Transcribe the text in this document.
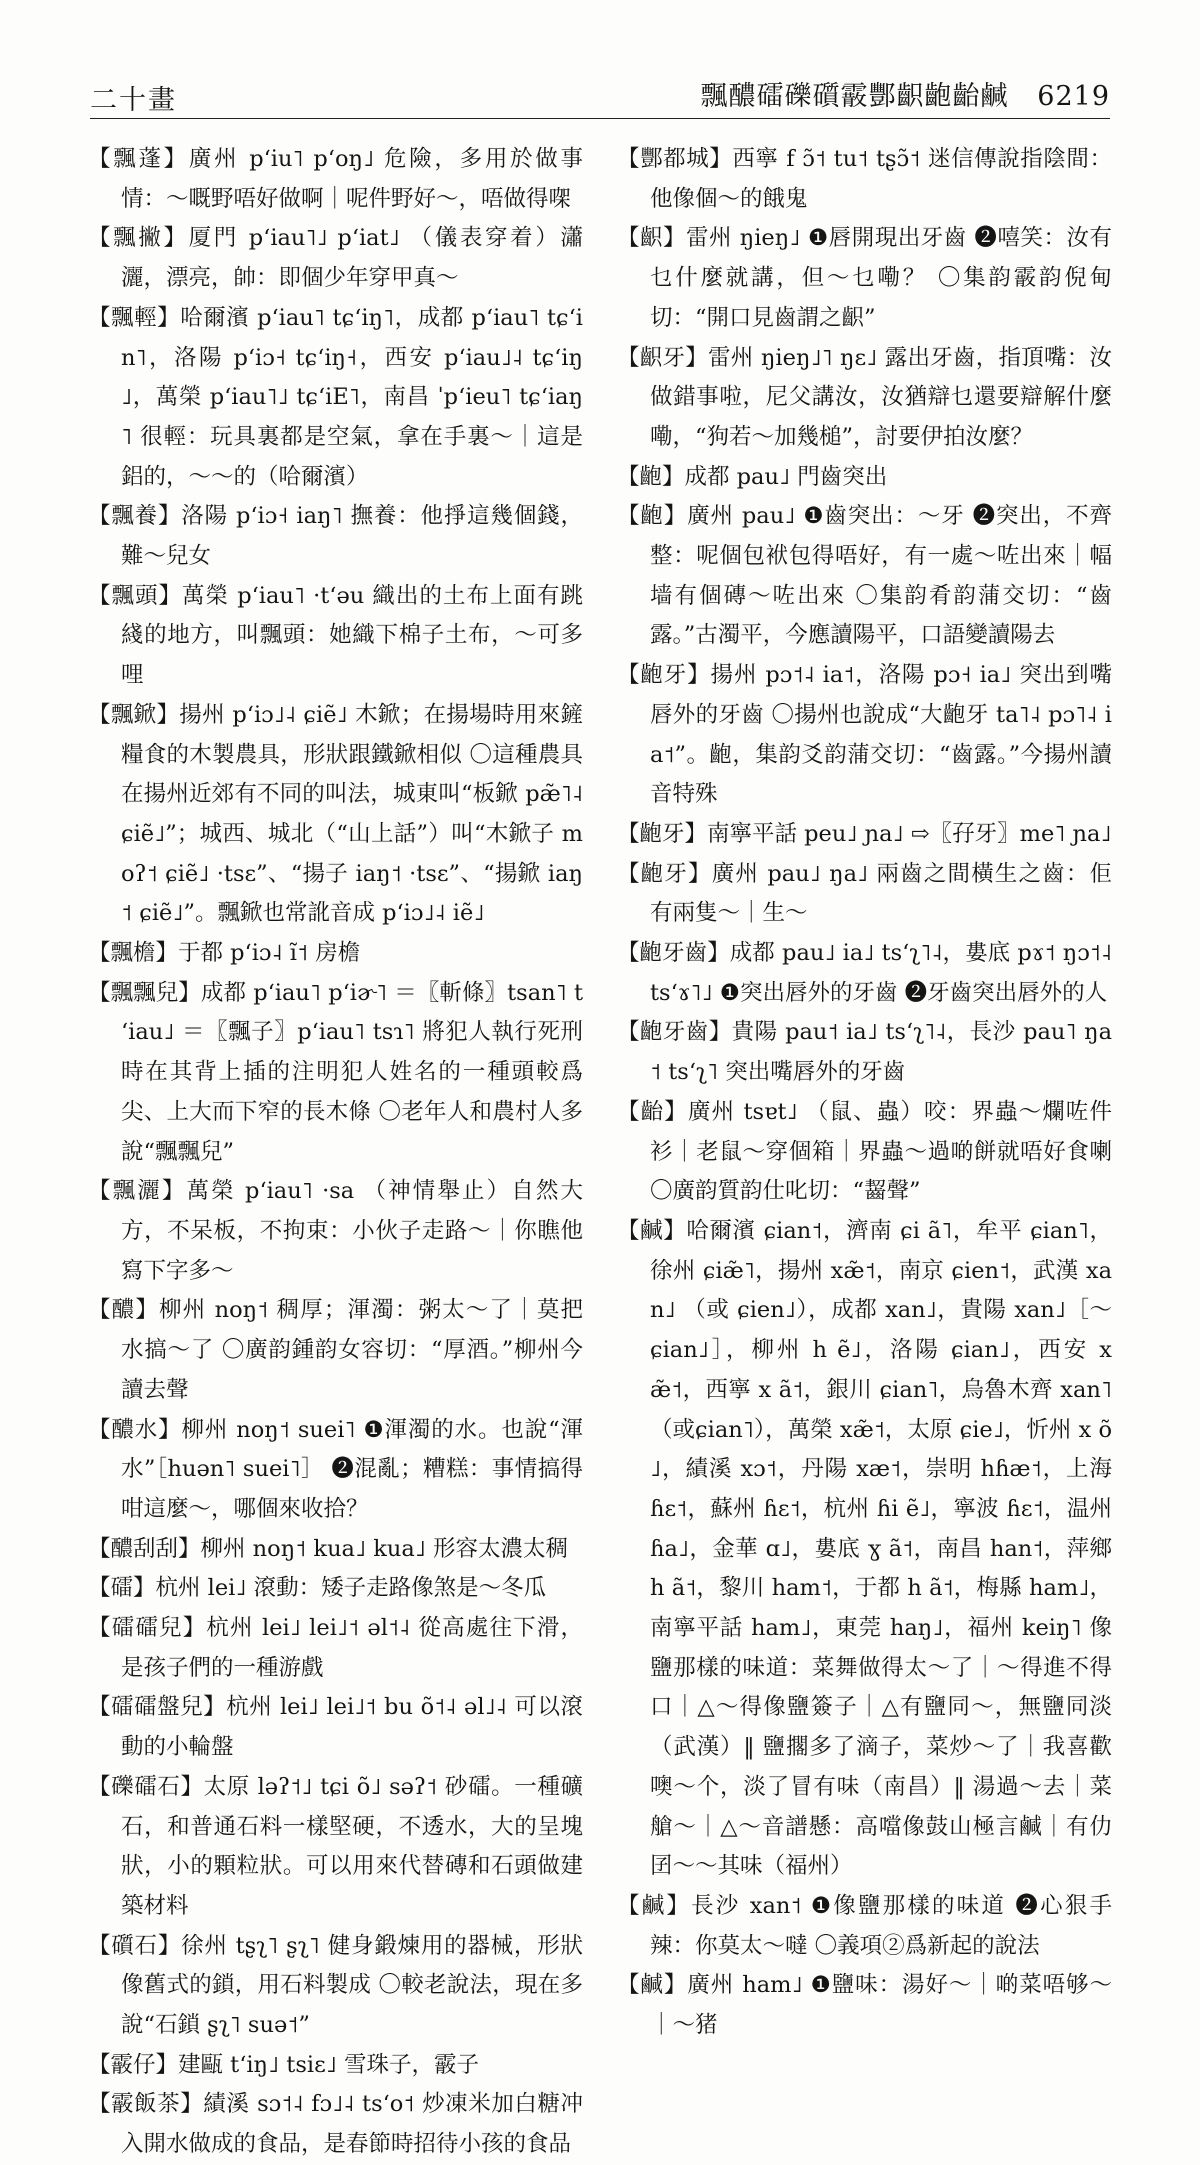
二十畫	飄醲礌礫礩霰酆齞齙齝鹹 6219

【飄蓬】廣州 pʻiu˥ pʻoŋ˩ 危險，多用於做事情：～嘅野唔好做啊｜呢件野好～，唔做得㗎

【飄撇】厦門 pʻiau˥˩ pʻiat˩ （儀表穿着）瀟灑，漂亮，帥：即個少年穿甲真～

【飄輕】哈爾濱 pʻiau˥ tɕʻiŋ˥，成都 pʻiau˥ tɕʻin˥，洛陽 pʻiɔ˧ tɕʻiŋ˧，西安 pʻiau˩˨ tɕʻiŋ˩，萬榮 pʻiau˥˩ tɕʻiE˥，南昌 ˈpʻieu˥ tɕʻiaŋ˥ 很輕：玩具裏都是空氣，拿在手裏～｜這是鋁的，～～的（哈爾濱）

【飄養】洛陽 pʻiɔ˧ iaŋ˥ 撫養：他掙這幾個錢，難～兒女

【飄頭】萬榮 pʻiau˥ ·tʻəu 織出的土布上面有跳綫的地方，叫飄頭：她織下棉子土布，～可多哩

【飄鍁】揚州 pʻiɔ˩˨ ɕiẽ˩ 木鍁；在揚場時用來鏟糧食的木製農具，形狀跟鐵鍁相似 〇這種農具在揚州近郊有不同的叫法，城東叫“板鍁 pæ̃˥˨ ɕiẽ˩”；城西、城北（“山上話”）叫“木鍁子 moʔ˦ ɕiẽ˩ ·tsɛ”、“揚子 iaŋ˦ ·tsɛ”、“揚鍁 iaŋ˦ ɕiẽ˩”。飄鍁也常訛音成 pʻiɔ˩˨ iẽ˩

【飄檐】于都 pʻiɔ˨ ĩ˦ 房檐

【飄飄兒】成都 pʻiau˥ pʻiɚ˥ ＝〖斬條〗tsan˥ tʻiau˩ ＝〖飄子〗pʻiau˥ tsɿ˥ 將犯人執行死刑時在其背上插的注明犯人姓名的一種頭較爲尖、上大而下窄的長木條 〇老年人和農村人多說“飄飄兒”

【飄灑】萬榮 pʻiau˥ ·sa （神情舉止）自然大方，不呆板，不拘束：小伙子走路～｜你瞧他寫下字多～

【醲】柳州 noŋ˦ 稠厚；渾濁：粥太～了｜莫把水搞～了 〇廣韵鍾韵女容切：“厚酒。”柳州今讀去聲

【醲水】柳州 noŋ˦ suei˥ ❶渾濁的水。也說“渾水”［huən˥ suei˥］ ❷混亂；糟糕：事情搞得咁這麼～，哪個來收拾？

【醲刮刮】柳州 noŋ˦ kua˩ kua˩ 形容太濃太稠

【礌】杭州 lei˩ 滾動：矮子走路像煞是～冬瓜

【礌礌兒】杭州 lei˩ lei˩˦ əl˦˨ 從高處往下滑，是孩子們的一種游戲

【礌礌盤兒】杭州 lei˩ lei˩˦ bu õ˦˨ əl˩˨ 可以滾動的小輪盤

【礫礌石】太原 ləʔ˦˩ tɕi õ˩ səʔ˦ 砂礌。一種礦石，和普通石料一樣堅硬，不透水，大的呈塊狀，小的顆粒狀。可以用來代替磚和石頭做建築材料

【礩石】徐州 tʂʅ˥ ʂʅ˥ 健身鍛煉用的器械，形狀像舊式的鎖，用石料製成 〇較老說法，現在多說“石鎖 ʂʅ˥ suə˦”

【霰仔】建甌 tʻiŋ˩ tsiɛ˩ 雪珠子，霰子

【霰飯茶】績溪 sɔ˦˨ fɔ˩˨ tsʻo˦ 炒凍米加白糖冲入開水做成的食品，是春節時招待小孩的食品

【酆都城】西寧 f ɔ̃˦ tu˦ tʂɔ̃˦ 迷信傳說指陰間：他像個～的餓鬼

【齞】雷州 ŋieŋ˩ ❶唇開現出牙齒 ❷嘻笑：汝有乜什麼就講，但～乜嘞？ 〇集韵霰韵倪甸切：“開口見齒謂之齞”

【齞牙】雷州 ŋieŋ˩˥ ŋɛ˩ 露出牙齒，指頂嘴：汝做錯事啦，尼父講汝，汝猶辯乜還要辯解什麼嘞，“狗若～加幾槌”，討要伊拍汝麼？

【齙】成都 pau˩ 門齒突出

【齙】廣州 pau˩ ❶齒突出：～牙 ❷突出，不齊整：呢個包袱包得唔好，有一處～咗出來｜幅墙有個磚～咗出來 〇集韵肴韵蒲交切：“齒露。”古濁平，今應讀陽平，口語變讀陽去

【齙牙】揚州 pɔ˦˨ ia˦，洛陽 pɔ˧ ia˩ 突出到嘴唇外的牙齒 〇揚州也說成“大齙牙 ta˥˨ pɔ˥˨ ia˦”。齙，集韵爻韵蒲交切：“齒露。”今揚州讀音特殊

【齙牙】南寧平話 peu˩ ɲa˩ ⇨〖孖牙〗me˥ ɲa˩

【齙牙】廣州 pau˩ ŋa˩ 兩齒之間橫生之齒：佢有兩隻～｜生～

【齙牙齒】成都 pau˩ ia˩ tsʻʅ˥˨，婁底 pɤ˦ ŋɔ˦˨ tsʻɤ˥˩ ❶突出唇外的牙齒 ❷牙齒突出唇外的人

【齙牙齒】貴陽 pau˦ ia˩ tsʻʅ˥˨，長沙 pau˥ ŋa˦ tsʻʅ˥ 突出嘴唇外的牙齒

【齝】廣州 tsɐt˩ （鼠、蟲）咬：界蟲～爛咗件衫｜老鼠～穿個箱｜界蟲～過啲餅就唔好食喇 〇廣韵質韵仕叱切：“齧聲”

【鹹】哈爾濱 ɕian˦，濟南 ɕi ã˥，牟平 ɕian˥，徐州 ɕiæ̃˥，揚州 xæ̃˦，南京 ɕien˦，武漢 xan˩ （或 ɕien˩），成都 xan˩，貴陽 xan˩［～ɕian˩］，柳州 h ẽ˩，洛陽 ɕian˩，西安 xæ̃˦，西寧 x ã˦，銀川 ɕian˥，烏魯木齊 xan˥（或ɕian˥），萬榮 xæ̃˦，太原 ɕie˩，忻州 x õ˩，績溪 xɔ˦，丹陽 xæ˦，崇明 hɦæ˦，上海 ɦɛ˦，蘇州 ɦɛ˦，杭州 ɦi ẽ˩，寧波 ɦɛ˦，温州 ɦa˩，金華 ɑ˩，婁底 ɣ ã˦，南昌 han˦，萍鄉 h ã˦，黎川 ham˦，于都 h ã˦，梅縣 ham˩，南寧平話 ham˩，東莞 haŋ˩，福州 keiŋ˥ 像鹽那樣的味道：菜舞做得太～了｜～得進不得口｜△～得像鹽簽子｜△有鹽同～，無鹽同淡（武漢）‖ 鹽擱多了滴子，菜炒～了｜我喜歡噢～个，淡了冒有味（南昌）‖ 湯過～去｜菜艙～｜△～音譜懸：高噹像鼓山極言鹹｜有仂囝～～其味（福州）

【鹹】長沙 xan˦ ❶像鹽那樣的味道 ❷心狠手辣：你莫太～噠 〇義項②爲新起的說法

【鹹】廣州 ham˩ ❶鹽味：湯好～｜啲菜唔够～｜～猪
